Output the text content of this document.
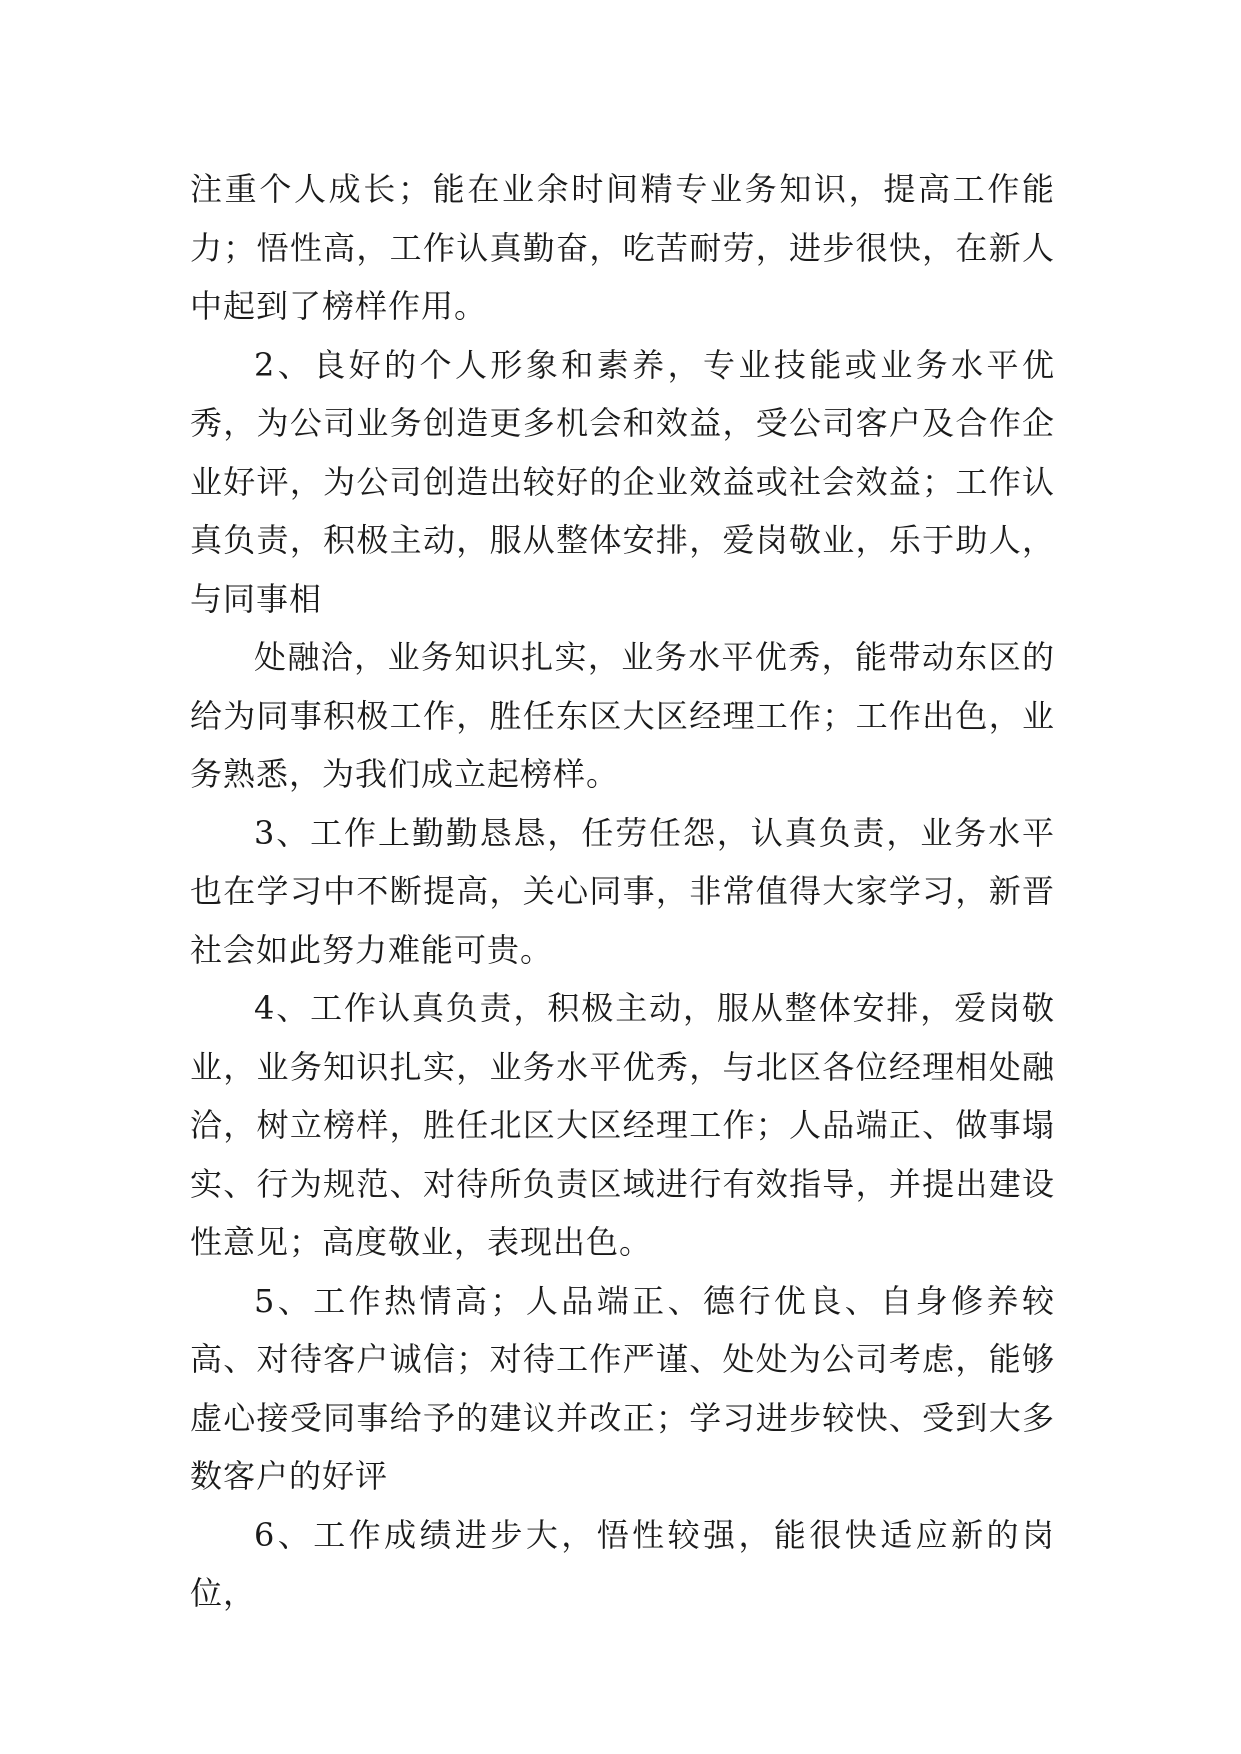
注重个人成长；能在业余时间精专业务知识，提高工作能力；悟性高，工作认真勤奋，吃苦耐劳，进步很快，在新人中起到了榜样作用。

2、良好的个人形象和素养，专业技能或业务水平优秀，为公司业务创造更多机会和效益，受公司客户及合作企业好评，为公司创造出较好的企业效益或社会效益；工作认真负责，积极主动，服从整体安排，爱岗敬业，乐于助人，与同事相

处融洽，业务知识扎实，业务水平优秀，能带动东区的给为同事积极工作，胜任东区大区经理工作；工作出色，业务熟悉，为我们成立起榜样。

3、工作上勤勤恳恳，任劳任怨，认真负责，业务水平也在学习中不断提高，关心同事，非常值得大家学习，新晋社会如此努力难能可贵。

4、工作认真负责，积极主动，服从整体安排，爱岗敬业，业务知识扎实，业务水平优秀，与北区各位经理相处融洽，树立榜样，胜任北区大区经理工作；人品端正、做事塌实、行为规范、对待所负责区域进行有效指导，并提出建设性意见；高度敬业，表现出色。

5、工作热情高；人品端正、德行优良、自身修养较高、对待客户诚信；对待工作严谨、处处为公司考虑，能够虚心接受同事给予的建议并改正；学习进步较快、受到大多数客户的好评

6、工作成绩进步大，悟性较强，能很快适应新的岗位，
